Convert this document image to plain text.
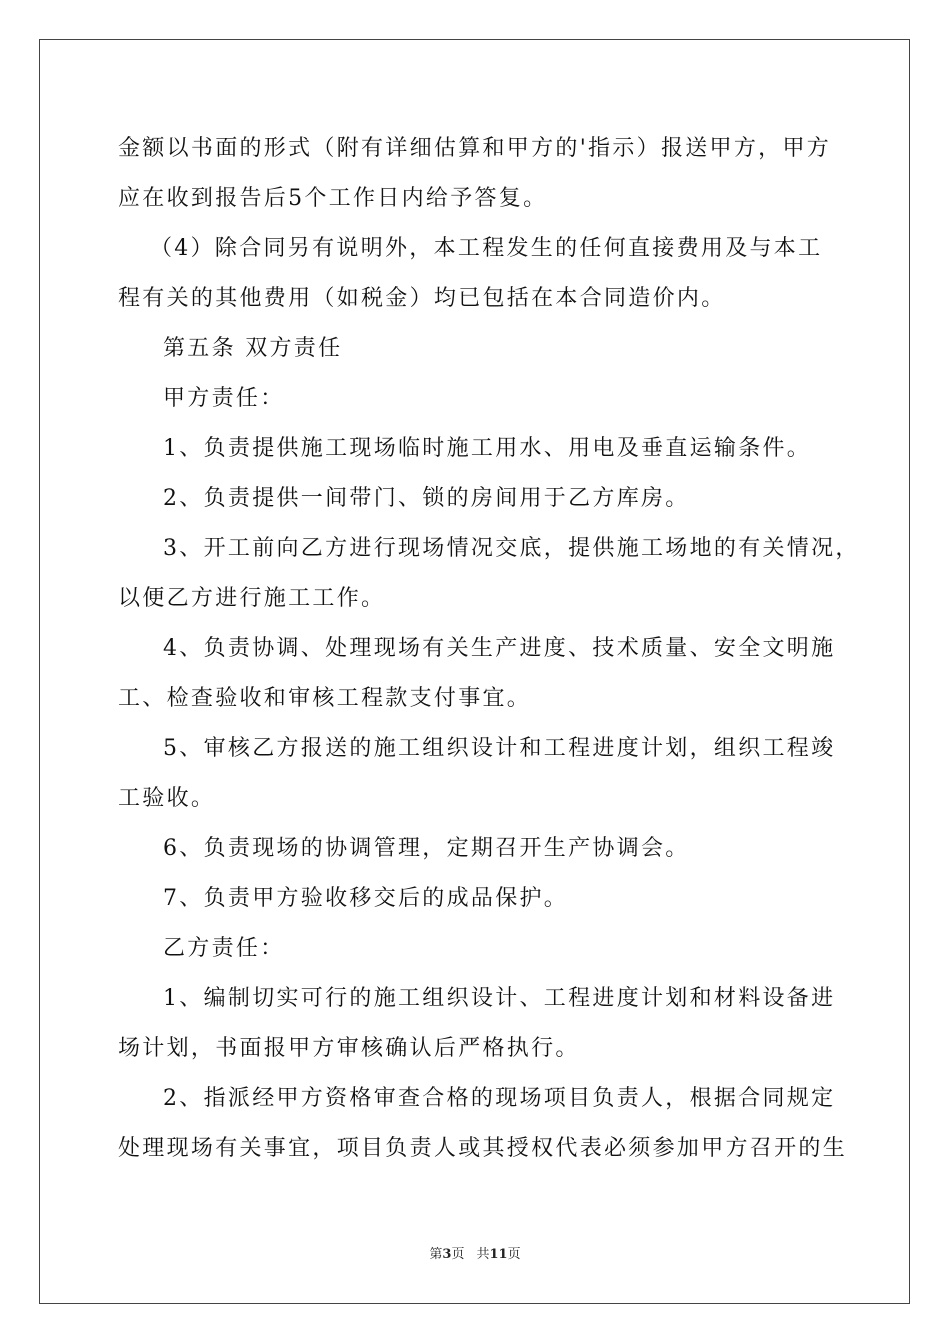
金额以书面的形式（附有详细估算和甲方的'指示）报送甲方，甲方
应在收到报告后5个工作日内给予答复。
（4）除合同另有说明外，本工程发生的任何直接费用及与本工
程有关的其他费用（如税金）均已包括在本合同造价内。
第五条 双方责任
甲方责任：
1、负责提供施工现场临时施工用水、用电及垂直运输条件。
2、负责提供一间带门、锁的房间用于乙方库房。
3、开工前向乙方进行现场情况交底，提供施工场地的有关情况，
以便乙方进行施工工作。
4、负责协调、处理现场有关生产进度、技术质量、安全文明施
工、检查验收和审核工程款支付事宜。
5、审核乙方报送的施工组织设计和工程进度计划，组织工程竣
工验收。
6、负责现场的协调管理，定期召开生产协调会。
7、负责甲方验收移交后的成品保护。
乙方责任：
1、编制切实可行的施工组织设计、工程进度计划和材料设备进
场计划，书面报甲方审核确认后严格执行。
2、指派经甲方资格审查合格的现场项目负责人，根据合同规定
处理现场有关事宜，项目负责人或其授权代表必须参加甲方召开的生
第3页 共11页
